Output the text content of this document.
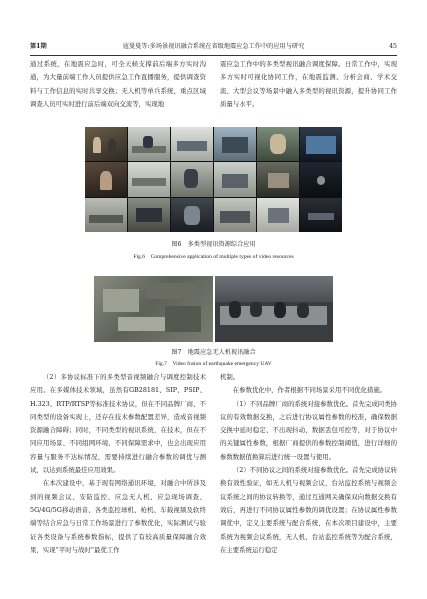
第1期	寇曼曼等:多场景视讯融合系统在省级地震应急工作中的应用与研究	45

通过系统，在地震应急时，可全天候支撑前后端多方实时沟通，为大量前端工作人员提供应急工作直播服务，提供调查资料与工作信息的实时共享交换；无人机等单兵系统、重点区域调查人员可实时进行前后端双向交流等，实现地

震应急工作中的多类型视讯融合调度保障。日常工作中，实现多方实时可视化协同工作，在地震监测、分析会商、学术交流、大型会议等场景中融入多类型的视讯资源，提升协同工作质量与水平。

图6　多类型视讯资源综合应用
Fig.6　Comprehensive application of multiple types of video resources
图7　地震应急无人机视讯融合
Fig.7　Video fusion of earthquake emergency UAV

（2）多协议标准下的多类型音视频融合与调度控制技术应用。在多媒体技术领域，虽然有GB28181、SIP、PSIP、H.323、RTP/RTSP等标准技术协议，但在不同品牌厂商、不同类型的设备实现上，还存在技术参数配置差异，造成音视频资源融合障碍；同时，不同类型的视讯系统，在技术，但在不同应用场景、不同组网环境、不同保障需求中，也会出现应用容量与服务不达标情况，需要持续进行融合参数的调优与测试，以达到系统最佳应用效果。

在本次建设中，基于现有网络通讯环境，对融合中所涉及到的视频会议、安防监控、应急无人机、应急现场调查、5G/4G/5G移动语音、各类监控球机、枪机、车载视频及软终端等结合应急与日常工作场景进行了参数优化，实际测试与验证各类设备与系统参数指标，提供了有较高质量保障融合效果，实现“平时与战时”最优工作

机制。

在参数优化中，作者根据不同场景采用不同优化措施。

（1）不同品牌厂商的系统对接参数优化。首先完成同类协议的有效数据交换，之后进行协议属性参数的校准，确保数据交换中延时稳定、不出现抖动、数据丢包可控等，对于协议中的关键属性参数，根据厂商提供的参数控制阈值，进行详细的参数数据值换算后进行统一设置与使用。

（2）不同协议之间的系统对接参数优化。首先完成协议转换有效性验证，如无人机与视频会议，台站监控系统与视频会议系统之间的协议转换等，通过互通网关确保双向数据交换有效后，再进行不同协议属性参数的调优设置；在协议属性参数调优中，定义主要系统与配合系统，在本次项目建设中，主要系统为视频会议系统，无人机、台站监控系统等为配合系统，在主要系统运行稳定
